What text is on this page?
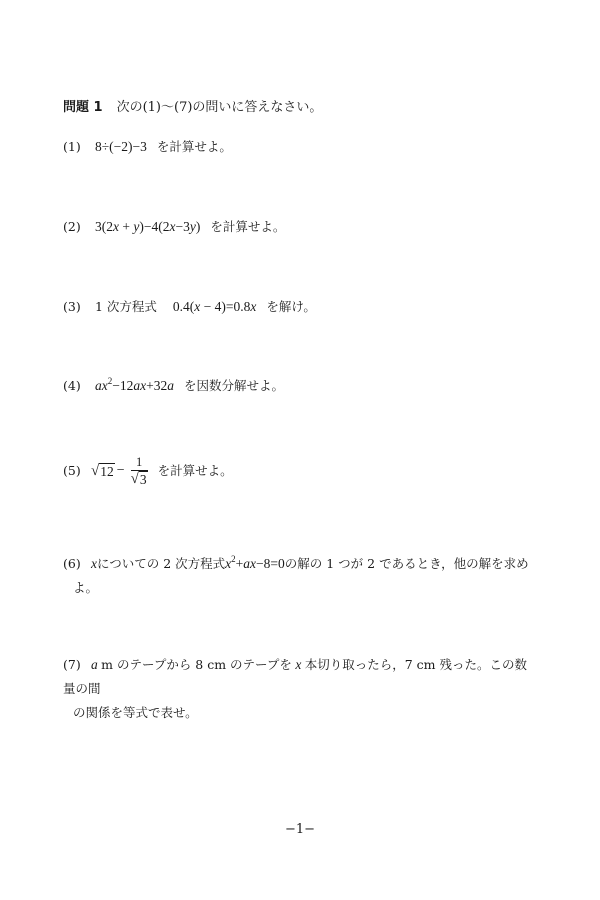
問題 1 次の(1)〜(7)の問いに答えなさい。
(1) 8÷(−2)−3 を計算せよ。
(2) 3(2x + y)−4(2x−3y) を計算せよ。
(3) 1 次方程式 0.4(x − 4)=0.8x を解け。
(4) $ax^2-12ax+32a$ を因数分解せよ。
(5) √ $12 - \frac{1}{√ 3}$ を計算せよ。
(6) xについての 2 次方程式$x^2+ax-8=0$の解の 1 つが 2 であるとき，他の解を求め
よ。
(7) a m のテープから 8 cm のテープを x 本切り取ったら，7 cm 残った。この数量の間
の関係を等式で表せ。
−1−
